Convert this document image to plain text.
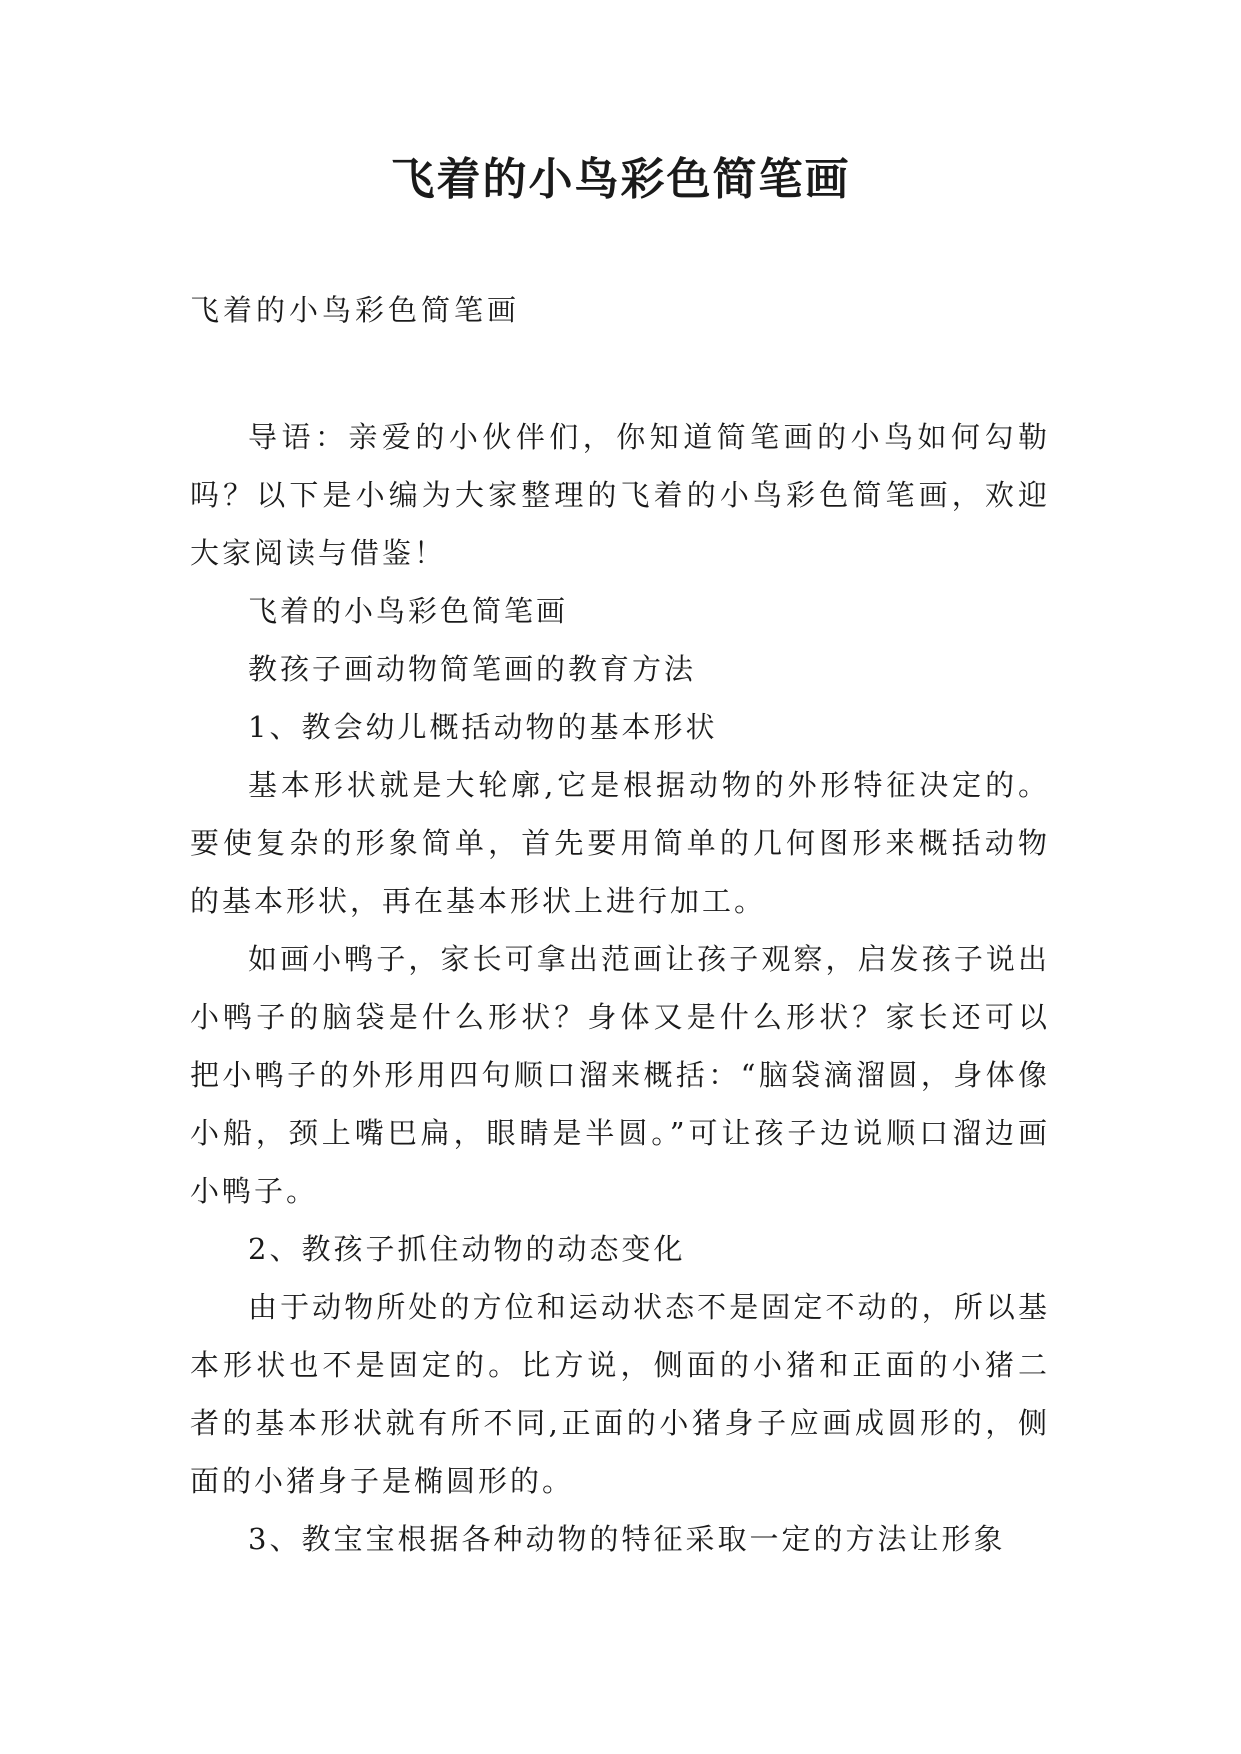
飞着的小鸟彩色简笔画
飞着的小鸟彩色简笔画

导语：亲爱的小伙伴们，你知道简笔画的小鸟如何勾勒吗？以下是小编为大家整理的飞着的小鸟彩色简笔画，欢迎大家阅读与借鉴！

飞着的小鸟彩色简笔画

教孩子画动物简笔画的教育方法

1、教会幼儿概括动物的基本形状

基本形状就是大轮廓,它是根据动物的外形特征决定的。要使复杂的形象简单，首先要用简单的几何图形来概括动物的基本形状，再在基本形状上进行加工。

如画小鸭子，家长可拿出范画让孩子观察，启发孩子说出小鸭子的脑袋是什么形状？身体又是什么形状？家长还可以把小鸭子的外形用四句顺口溜来概括：“脑袋滴溜圆，身体像小船，颈上嘴巴扁，眼睛是半圆。”可让孩子边说顺口溜边画小鸭子。

2、教孩子抓住动物的动态变化

由于动物所处的方位和运动状态不是固定不动的，所以基本形状也不是固定的。比方说，侧面的小猪和正面的小猪二者的基本形状就有所不同,正面的小猪身子应画成圆形的，侧面的小猪身子是椭圆形的。

3、教宝宝根据各种动物的特征采取一定的方法让形象
